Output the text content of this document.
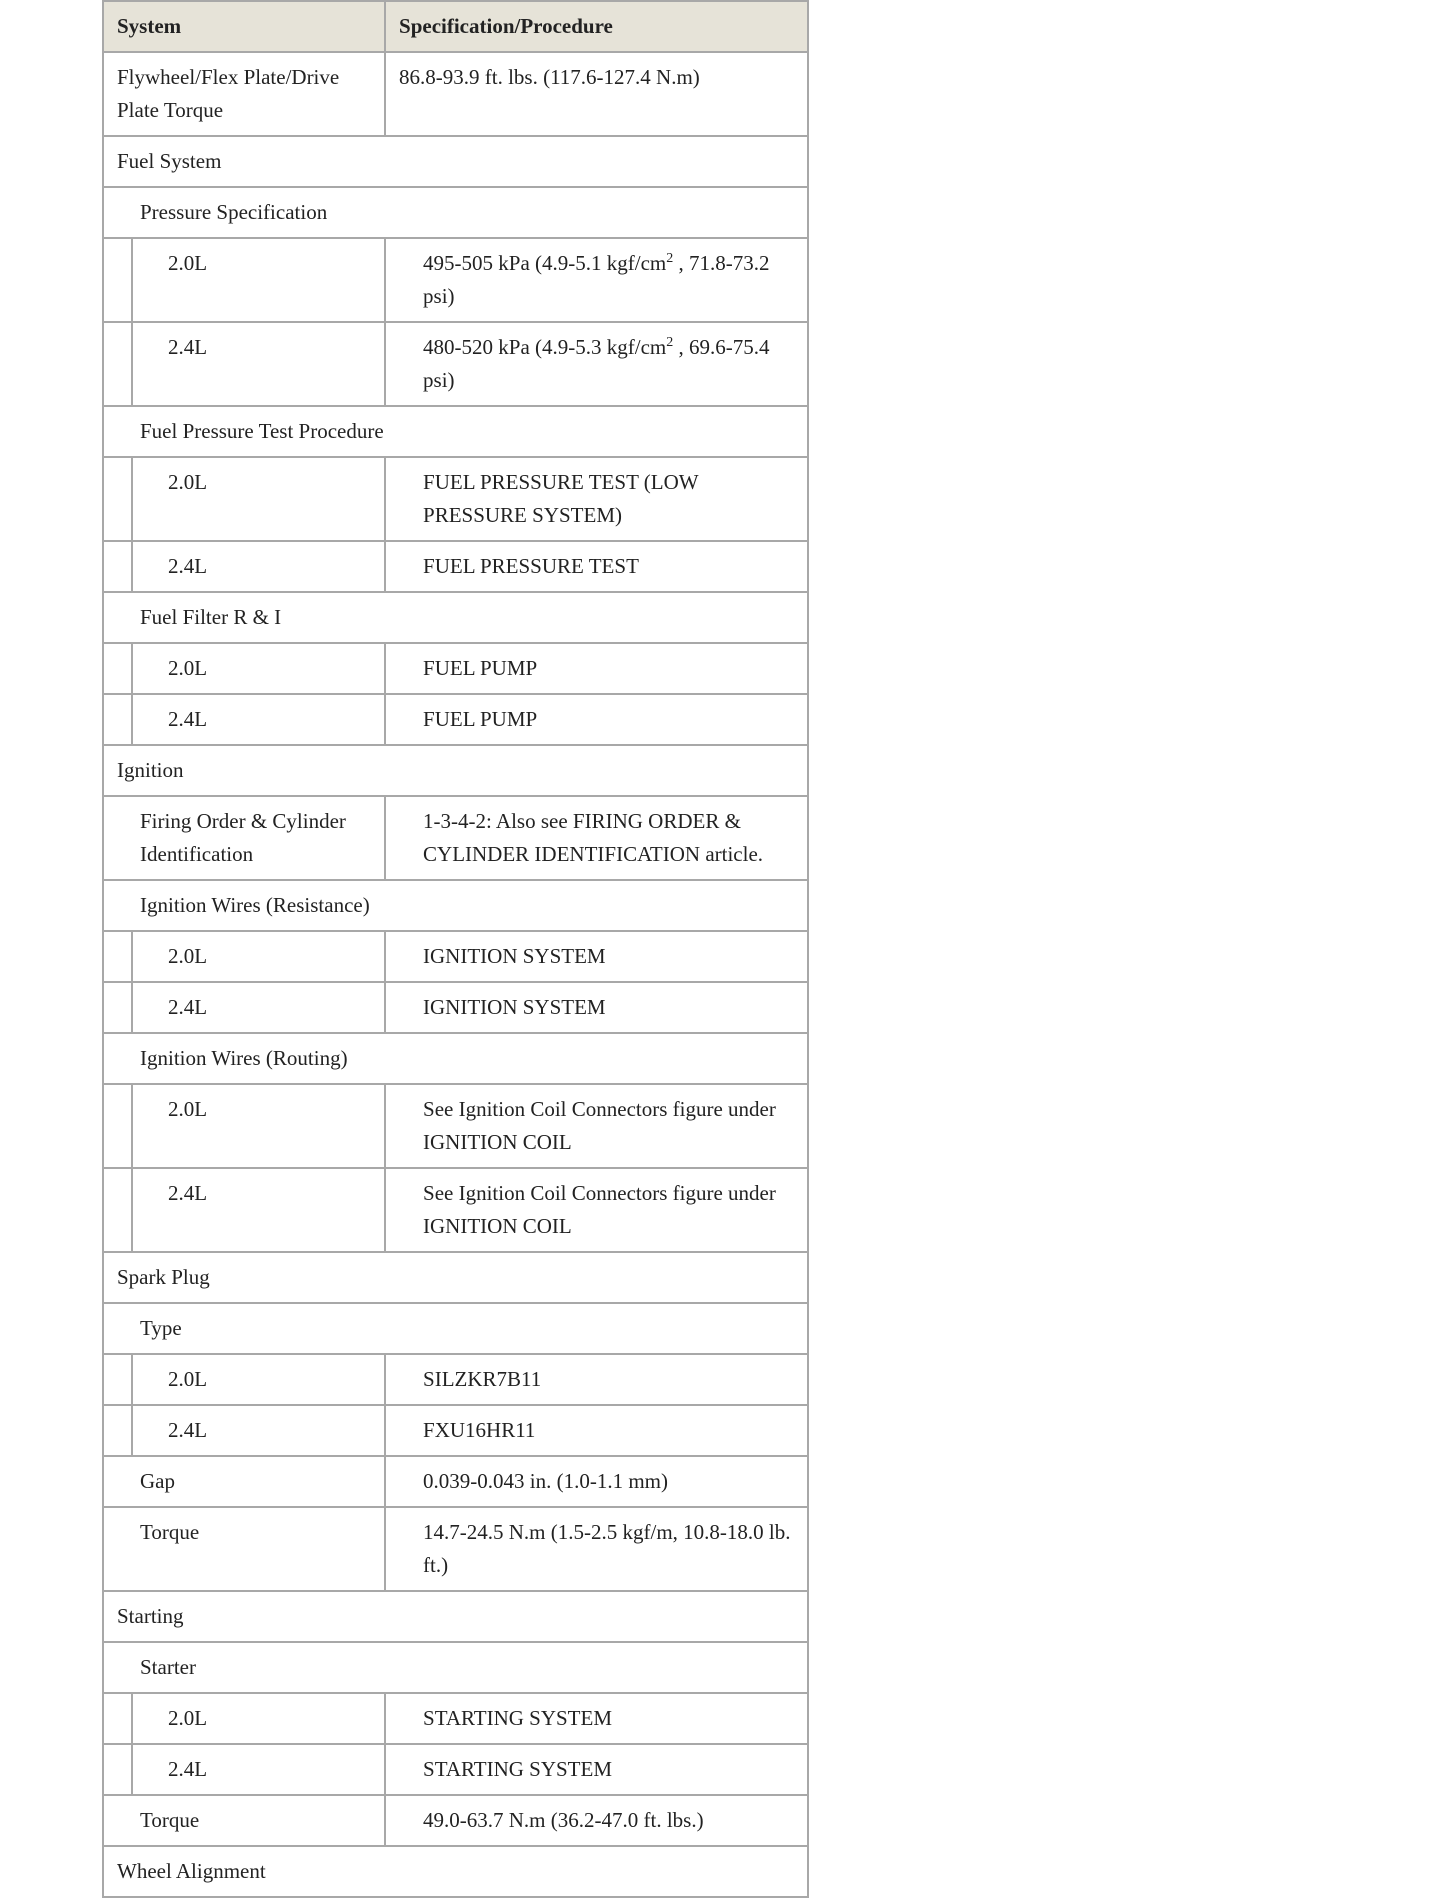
System		Specification/Procedure

Flywheel/Flex Plate/Drive Plate Torque		86.8-93.9 ft. lbs. (117.6-127.4 N.m)

Fuel System		

Pressure Specification		

	2.0L	495-505 kPa (4.9-5.1 kgf/$cm^2$ , 71.8-73.2 psi)

	2.4L	480-520 kPa (4.9-5.3 kgf/$cm^2$ , 69.6-75.4 psi)

Fuel Pressure Test Procedure		

	2.0L	FUEL PRESSURE TEST (LOW PRESSURE SYSTEM)

	2.4L	FUEL PRESSURE TEST

Fuel Filter R & I		

	2.0L	FUEL PUMP

	2.4L	FUEL PUMP

Ignition		

Firing Order & Cylinder Identification		1-3-4-2: Also see FIRING ORDER & CYLINDER IDENTIFICATION article.

Ignition Wires (Resistance)		

	2.0L	IGNITION SYSTEM

	2.4L	IGNITION SYSTEM

Ignition Wires (Routing)		

	2.0L	See Ignition Coil Connectors figure under IGNITION COIL

	2.4L	See Ignition Coil Connectors figure under IGNITION COIL

Spark Plug		

Type		

	2.0L	SILZKR7B11

	2.4L	FXU16HR11

Gap		0.039-0.043 in. (1.0-1.1 mm)

Torque		14.7-24.5 N.m (1.5-2.5 kgf/m, 10.8-18.0 lb. ft.)

Starting		

Starter		

	2.0L	STARTING SYSTEM

	2.4L	STARTING SYSTEM

Torque		49.0-63.7 N.m (36.2-47.0 ft. lbs.)

Wheel Alignment		
